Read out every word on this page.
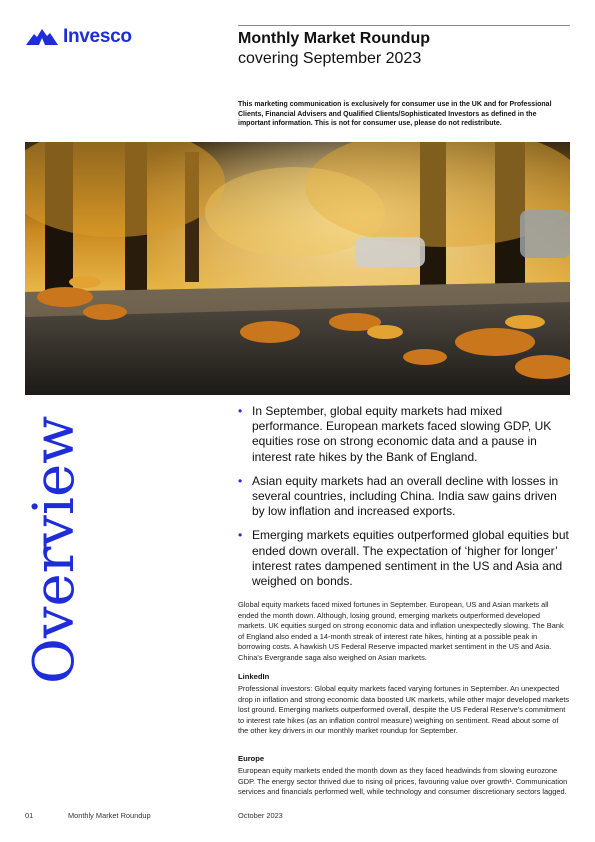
Invesco	Monthly Market Roundup
covering September 2023
This marketing communication is exclusively for consumer use in the UK and for Professional Clients, Financial Advisers and Qualified Clients/Sophisticated Investors as defined in the important information. This is not for consumer use, please do not redistribute.
Overview
• In September, global equity markets had mixed performance. European markets faced slowing GDP, UK equities rose on strong economic data and a pause in interest rate hikes by the Bank of England.
• Asian equity markets had an overall decline with losses in several countries, including China. India saw gains driven by low inflation and increased exports.
• Emerging markets equities outperformed global equities but ended down overall. The expectation of ‘higher for longer’ interest rates dampened sentiment in the US and Asia and weighed on bonds.

Global equity markets faced mixed fortunes in September. European, US and Asian markets all ended the month down. Although, losing ground, emerging markets outperformed developed markets. UK equities surged on strong economic data and inflation unexpectedly slowing. The Bank of England also ended a 14-month streak of interest rate hikes, hinting at a possible peak in borrowing costs. A hawkish US Federal Reserve impacted market sentiment in the US and Asia. China’s Evergrande saga also weighed on Asian markets.

LinkedIn

Professional investors: Global equity markets faced varying fortunes in September. An unexpected drop in inflation and strong economic data boosted UK markets, while other major developed markets lost ground. Emerging markets outperformed overall, despite the US Federal Reserve’s commitment to interest rate hikes (as an inflation control measure) weighing on sentiment. Read about some of the other key drivers in our monthly market roundup for September.

Europe

European equity markets ended the month down as they faced headwinds from slowing eurozone GDP. The energy sector thrived due to rising oil prices, favouring value over growth¹. Communication services and financials performed well, while technology and consumer discretionary sectors lagged.

01	Monthly Market Roundup	October 2023
